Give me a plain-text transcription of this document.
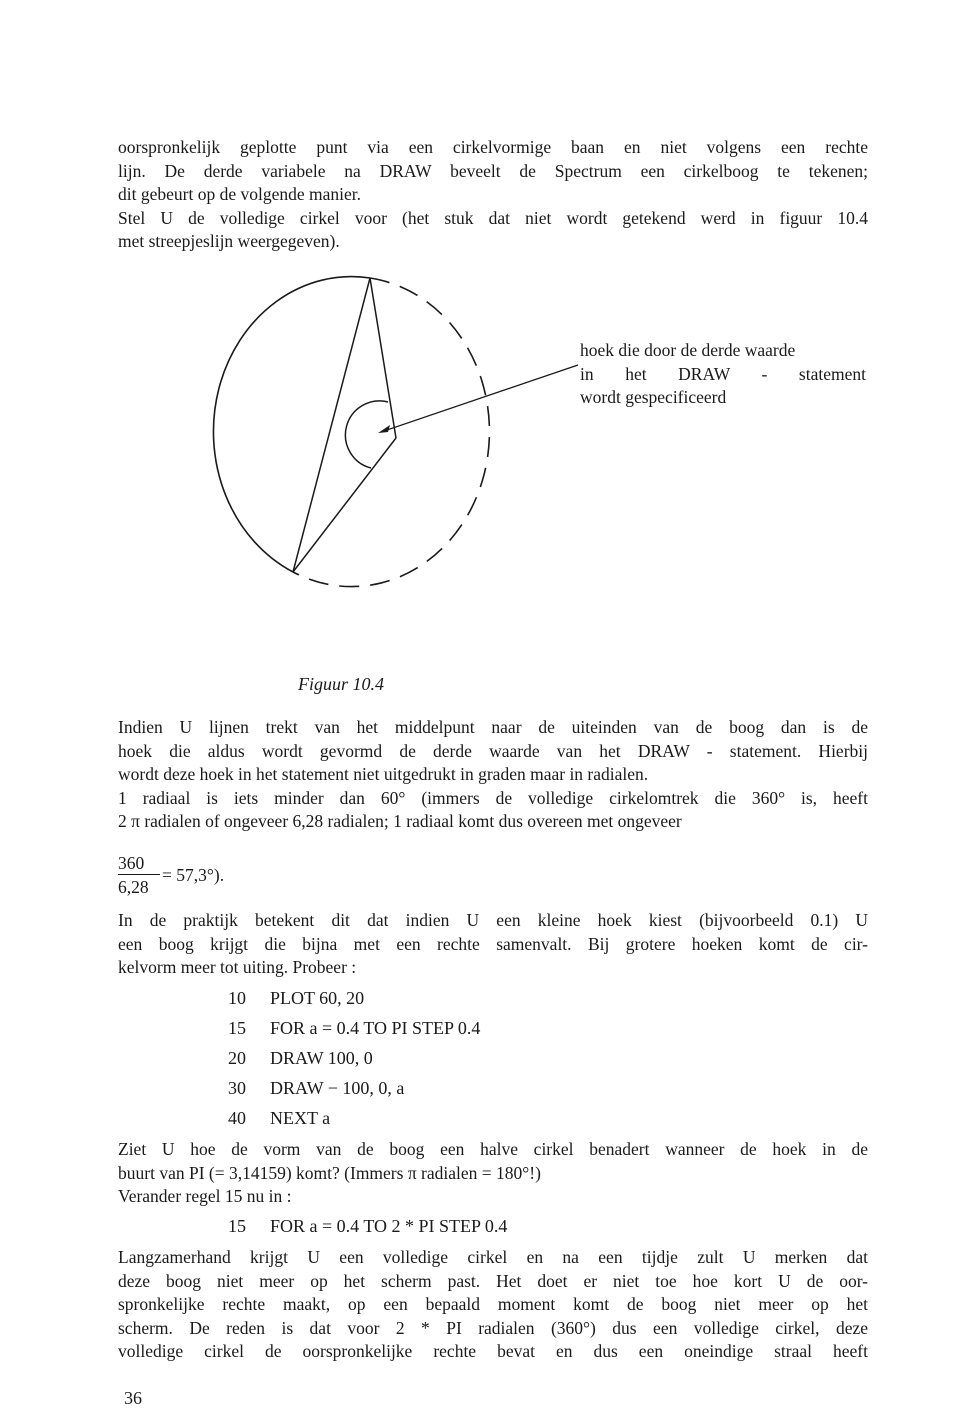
oorspronkelijk geplotte punt via een cirkelvormige baan en niet volgens een rechte
lijn. De derde variabele na DRAW beveelt de Spectrum een cirkelboog te tekenen;
dit gebeurt op de volgende manier.
Stel U de volledige cirkel voor (het stuk dat niet wordt getekend werd in figuur 10.4
met streepjeslijn weergegeven).
hoek die door de derde waarde
in het DRAW - statement
wordt gespecificeerd
Figuur 10.4
Indien U lijnen trekt van het middelpunt naar de uiteinden van de boog dan is de
hoek die aldus wordt gevormd de derde waarde van het DRAW - statement. Hierbij
wordt deze hoek in het statement niet uitgedrukt in graden maar in radialen.
1 radiaal is iets minder dan 60° (immers de volledige cirkelomtrek die 360° is, heeft
2 π radialen of ongeveer 6,28 radialen; 1 radiaal komt dus overeen met ongeveer
360
6,28
= 57,3°).
In de praktijk betekent dit dat indien U een kleine hoek kiest (bijvoorbeeld 0.1) U
een boog krijgt die bijna met een rechte samenvalt. Bij grotere hoeken komt de cir-
kelvorm meer tot uiting. Probeer :
10 PLOT 60, 20
15 FOR a = 0.4 TO PI STEP 0.4
20 DRAW 100, 0
30 DRAW − 100, 0, a
40 NEXT a
Ziet U hoe de vorm van de boog een halve cirkel benadert wanneer de hoek in de
buurt van PI (= 3,14159) komt? (Immers π radialen = 180°!)
Verander regel 15 nu in :
15 FOR a = 0.4 TO 2 * PI STEP 0.4
Langzamerhand krijgt U een volledige cirkel en na een tijdje zult U merken dat
deze boog niet meer op het scherm past. Het doet er niet toe hoe kort U de oor-
spronkelijke rechte maakt, op een bepaald moment komt de boog niet meer op het
scherm. De reden is dat voor 2 * PI radialen (360°) dus een volledige cirkel, deze
volledige cirkel de oorspronkelijke rechte bevat en dus een oneindige straal heeft
36
